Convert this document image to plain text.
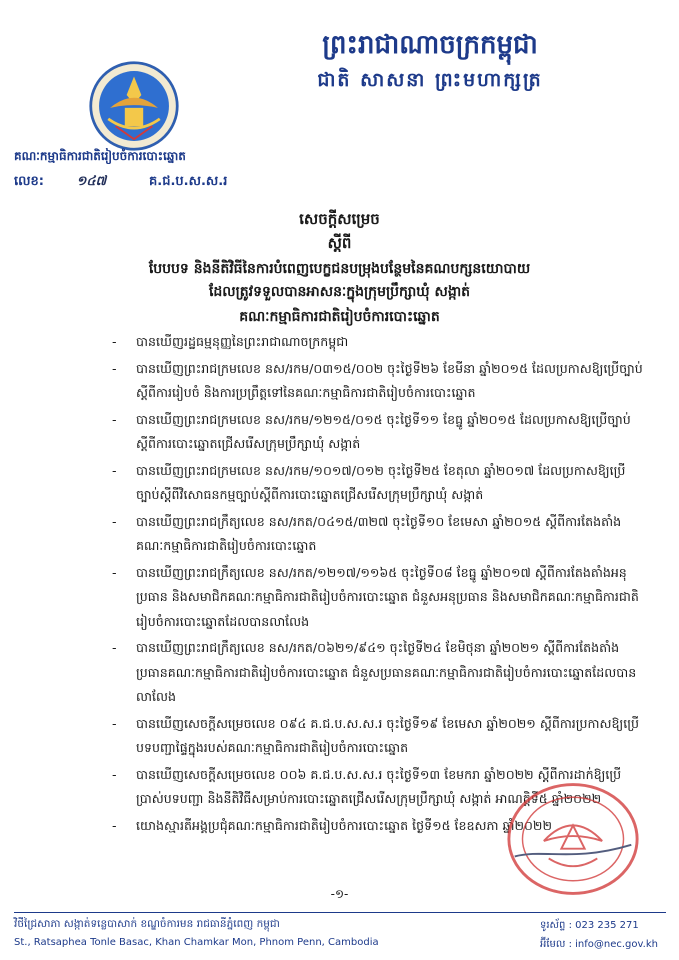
ព្រះរាជាណាចក្រកម្ពុជា
ជាតិ សាសនា ព្រះមហាក្សត្រ
គណៈកម្មាធិការជាតិរៀបចំការបោះឆ្នោត
លេខ:	១៤៧	គ.ជ.ប.ស.ស.រ
សេចក្ដីសម្រេច
ស្ដីពី
បែបបទ និងនីតិវិធីនៃការបំពេញបេក្ខជនបម្រុងបន្ថែមនៃគណបក្សនយោបាយ
ដែលត្រូវទទួលបានអាសនៈក្នុងក្រុមប្រឹក្សាឃុំ សង្កាត់
គណៈកម្មាធិការជាតិរៀបចំការបោះឆ្នោត
- បានឃើញរដ្ឋធម្មនុញ្ញនៃព្រះរាជាណាចក្រកម្ពុជា
- បានឃើញព្រះរាជក្រមលេខ នស/រកម/០៣១៥/០០២ ចុះថ្ងៃទី២៦ ខែមីនា ឆ្នាំ២០១៥ ដែលប្រកាសឱ្យប្រើច្បាប់ស្ដីពីការរៀបចំ និងការប្រព្រឹត្តទៅនៃគណៈកម្មាធិការជាតិរៀបចំការបោះឆ្នោត
- បានឃើញព្រះរាជក្រមលេខ នស/រកម/១២១៥/០១៥ ចុះថ្ងៃទី១១ ខែធ្នូ ឆ្នាំ២០១៥ ដែលប្រកាសឱ្យប្រើច្បាប់ស្ដីពីការបោះឆ្នោតជ្រើសរើសក្រុមប្រឹក្សាឃុំ សង្កាត់
- បានឃើញព្រះរាជក្រមលេខ នស/រកម/១០១៧/០១២ ចុះថ្ងៃទី២៥ ខែតុលា ឆ្នាំ២០១៧ ដែលប្រកាសឱ្យប្រើច្បាប់ស្ដីពីវិសោធនកម្មច្បាប់ស្ដីពីការបោះឆ្នោតជ្រើសរើសក្រុមប្រឹក្សាឃុំ សង្កាត់
- បានឃើញព្រះរាជក្រឹត្យលេខ នស/រកត/០៤១៥/៣២៧ ចុះថ្ងៃទី១០ ខែមេសា ឆ្នាំ២០១៥ ស្ដីពីការតែងតាំងគណៈកម្មាធិការជាតិរៀបចំការបោះឆ្នោត
- បានឃើញព្រះរាជក្រឹត្យលេខ នស/រកត/១២១៧/១១៦៥ ចុះថ្ងៃទី០៨ ខែធ្នូ ឆ្នាំ២០១៧ ស្ដីពីការតែងតាំងអនុប្រធាន និងសមាជិកគណៈកម្មាធិការជាតិរៀបចំការបោះឆ្នោត ជំនួសអនុប្រធាន និងសមាជិកគណៈកម្មាធិការជាតិរៀបចំការបោះឆ្នោតដែលបានលាលែង
- បានឃើញព្រះរាជក្រឹត្យលេខ នស/រកត/០៦២១/៩៤១ ចុះថ្ងៃទី២៤ ខែមិថុនា ឆ្នាំ២០២១ ស្ដីពីការតែងតាំងប្រធានគណៈកម្មាធិការជាតិរៀបចំការបោះឆ្នោត ជំនួសប្រធានគណៈកម្មាធិការជាតិរៀបចំការបោះឆ្នោតដែលបានលាលែង
- បានឃើញសេចក្ដីសម្រេចលេខ ០៩៤ គ.ជ.ប.ស.ស.រ ចុះថ្ងៃទី១៩ ខែមេសា ឆ្នាំ២០២១ ស្ដីពីការប្រកាសឱ្យប្រើបទបញ្ជាផ្ទៃក្នុងរបស់គណៈកម្មាធិការជាតិរៀបចំការបោះឆ្នោត
- បានឃើញសេចក្ដីសម្រេចលេខ ០០៦ គ.ជ.ប.ស.ស.រ ចុះថ្ងៃទី១៣ ខែមករា ឆ្នាំ២០២២ ស្ដីពីការដាក់ឱ្យប្រើប្រាស់បទបញ្ជា និងនីតិវិធីសម្រាប់ការបោះឆ្នោតជ្រើសរើសក្រុមប្រឹក្សាឃុំ សង្កាត់ អាណត្តិទី៥ ឆ្នាំ២០២២
- យោងស្មារតីអង្គប្រជុំគណៈកម្មាធិការជាតិរៀបចំការបោះឆ្នោត ថ្ងៃទី១៥ ខែឧសភា ឆ្នាំ២០២២
-១-
វិថីជ្រៃសាភា សង្កាត់ទន្លេបាសាក់ ខណ្ឌចំការមន រាជធានីភ្នំពេញ កម្ពុជា
St., Ratsaphea Tonle Basac, Khan Chamkar Mon, Phnom Penn, Cambodia
ទូរស័ព្ទ : 023 235 271
អ៊ីមែល : info@nec.gov.kh
